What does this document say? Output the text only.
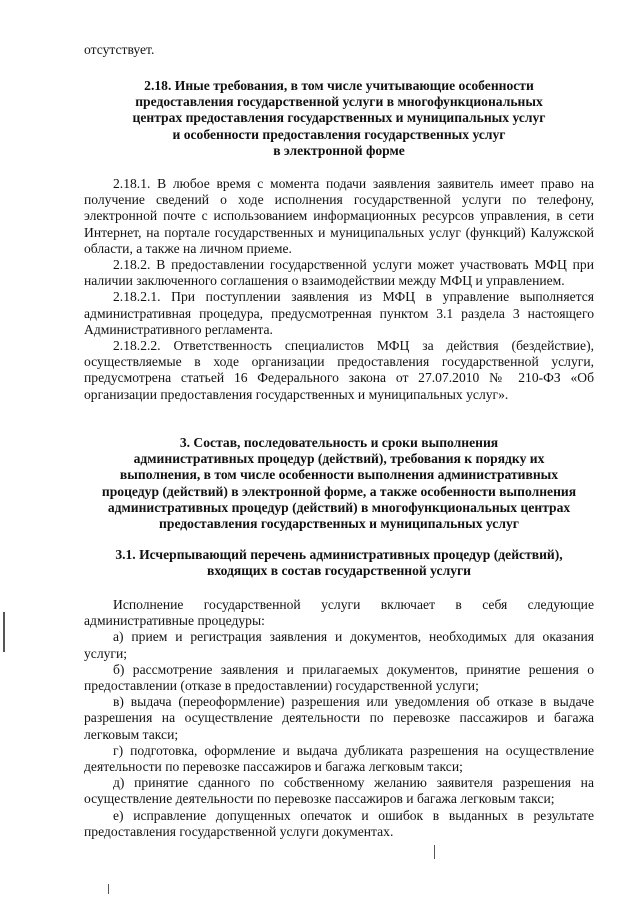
отсутствует.

2.18. Иные требования, в том числе учитывающие особенности

предоставления государственной услуги в многофункциональных

центрах предоставления государственных и муниципальных услуг

и особенности предоставления государственных услуг

в электронной форме

2.18.1. В любое время с момента подачи заявления заявитель имеет право на получение сведений о ходе исполнения государственной услуги по телефону, электронной почте с использованием информационных ресурсов управления, в сети Интернет, на портале государственных и муниципальных услуг (функций) Калужской области, а также на личном приеме.

2.18.2. В предоставлении государственной услуги может участвовать МФЦ при наличии заключенного соглашения о взаимодействии между МФЦ и управлением.

2.18.2.1. При поступлении заявления из МФЦ в управление выполняется административная процедура, предусмотренная пунктом 3.1 раздела 3 настоящего Административного регламента.

2.18.2.2. Ответственность специалистов МФЦ за действия (бездействие), осуществляемые в ходе организации предоставления государственной услуги, предусмотрена статьей 16 Федерального закона от 27.07.2010 № 210-ФЗ «Об организации предоставления государственных и муниципальных услуг».

3. Состав, последовательность и сроки выполнения

административных процедур (действий), требования к порядку их

выполнения, в том числе особенности выполнения административных

процедур (действий) в электронной форме, а также особенности выполнения

административных процедур (действий) в многофункциональных центрах

предоставления государственных и муниципальных услуг

3.1. Исчерпывающий перечень административных процедур (действий),

входящих в состав государственной услуги

Исполнение государственной услуги включает в себя следующие

административные процедуры:

а) прием и регистрация заявления и документов, необходимых для оказания услуги;

б) рассмотрение заявления и прилагаемых документов, принятие решения о предоставлении (отказе в предоставлении) государственной услуги;

в) выдача (переоформление) разрешения или уведомления об отказе в выдаче разрешения на осуществление деятельности по перевозке пассажиров и багажа легковым такси;

г) подготовка, оформление и выдача дубликата разрешения на осуществление деятельности по перевозке пассажиров и багажа легковым такси;

д) принятие сданного по собственному желанию заявителя разрешения на осуществление деятельности по перевозке пассажиров и багажа легковым такси;

е) исправление допущенных опечаток и ошибок в выданных в результате предоставления государственной услуги документах.
